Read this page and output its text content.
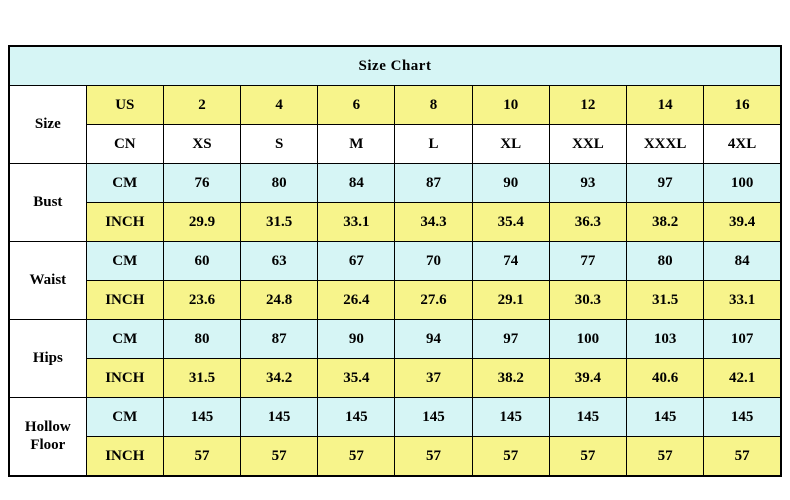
Size Chart									

Size	US	2	4	6	8	10	12	14	16
	CN	XS	S	M	L	XL	XXL	XXXL	4XL

Bust	CM	76	80	84	87	90	93	97	100
	INCH	29.9	31.5	33.1	34.3	35.4	36.3	38.2	39.4

Waist	CM	60	63	67	70	74	77	80	84
	INCH	23.6	24.8	26.4	27.6	29.1	30.3	31.5	33.1

Hips	CM	80	87	90	94	97	100	103	107
	INCH	31.5	34.2	35.4	37	38.2	39.4	40.6	42.1

Hollow Floor	CM	145	145	145	145	145	145	145	145
	INCH	57	57	57	57	57	57	57	57
